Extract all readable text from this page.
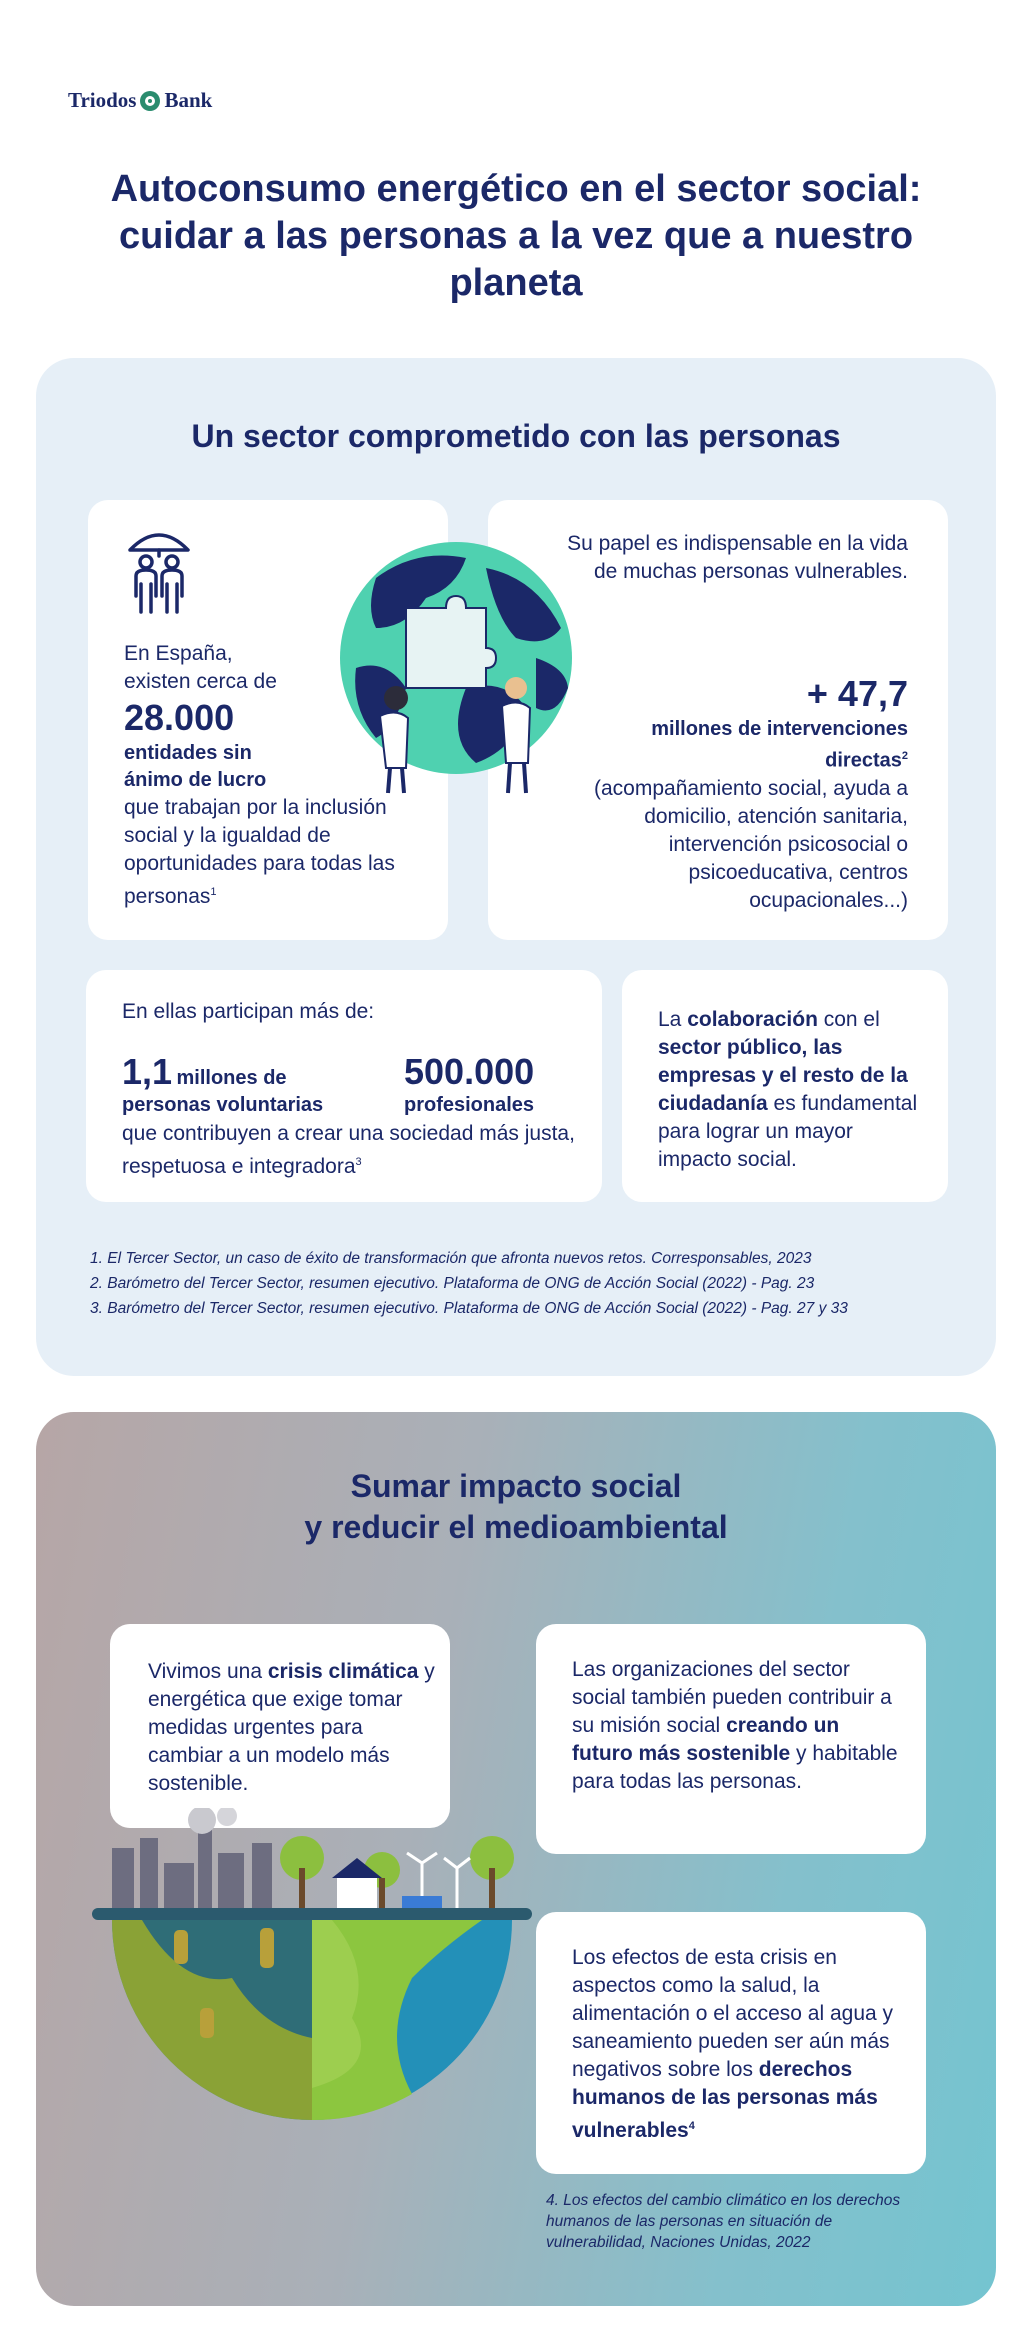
Triodos Bank
Autoconsumo energético en el sector social: cuidar a las personas a la vez que a nuestro planeta
Un sector comprometido con las personas
En España, existen cerca de
28.000
entidades sin ánimo de lucro
que trabajan por la inclusión social y la igualdad de oportunidades para todas las personas$^1$
Su papel es indispensable en la vida de muchas personas vulnerables.
+ 47,7
millones de intervenciones directas$^2$
(acompañamiento social, ayuda a domicilio, atención sanitaria, intervención psicosocial o psicoeducativa, centros ocupacionales...)
En ellas participan más de:
1,1 millones de
personas voluntarias
500.000
profesionales
que contribuyen a crear una sociedad más justa, respetuosa e integradora$^3$
La colaboración con el sector público, las empresas y el resto de la ciudadanía es fundamental para lograr un mayor impacto social.
1. El Tercer Sector, un caso de éxito de transformación que afronta nuevos retos. Corresponsables, 2023
2. Barómetro del Tercer Sector, resumen ejecutivo. Plataforma de ONG de Acción Social (2022) - Pag. 23
3. Barómetro del Tercer Sector, resumen ejecutivo. Plataforma de ONG de Acción Social (2022) - Pag. 27 y 33
Sumar impacto social
y reducir el medioambiental
Vivimos una crisis climática y energética que exige tomar medidas urgentes para cambiar a un modelo más sostenible.
Las organizaciones del sector social también pueden contribuir a su misión social creando un futuro más sostenible y habitable para todas las personas.
Los efectos de esta crisis en aspectos como la salud, la alimentación o el acceso al agua y saneamiento pueden ser aún más negativos sobre los derechos humanos de las personas más vulnerables$^4$
4. Los efectos del cambio climático en los derechos humanos de las personas en situación de vulnerabilidad, Naciones Unidas, 2022
